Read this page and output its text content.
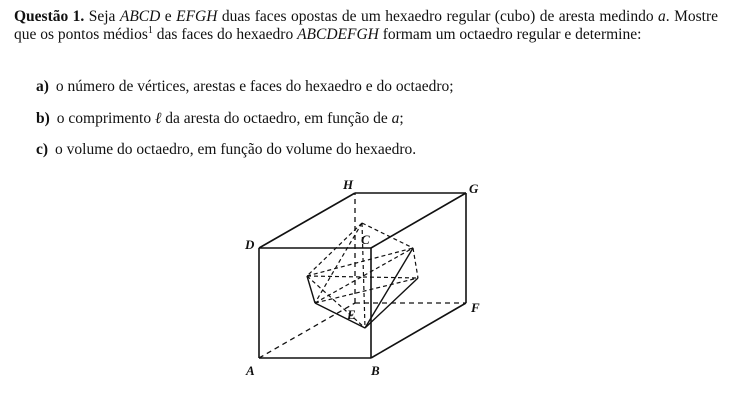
Questão 1. Seja ABCD e EFGH duas faces opostas de um hexaedro regular (cubo) de aresta medindo a. Mostre que os pontos médios$^1$ das faces do hexaedro ABCDEFGH formam um octaedro regular e determine:
a) o número de vértices, arestas e faces do hexaedro e do octaedro;
b) o comprimento ℓ da aresta do octaedro, em função de a;
c) o volume do octaedro, em função do volume do hexaedro.
A	B
C
D
E	F
G
H
